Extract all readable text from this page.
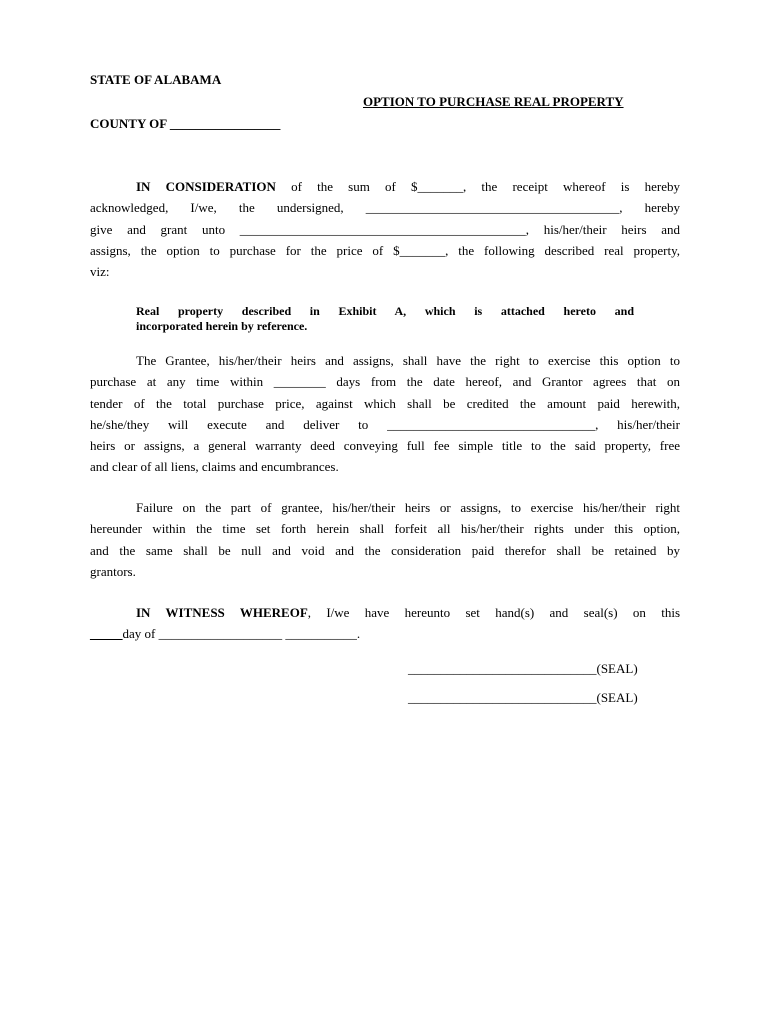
STATE OF ALABAMA
OPTION TO PURCHASE REAL PROPERTY
COUNTY OF _________________
IN CONSIDERATION of the sum of $_______, the receipt whereof is hereby
acknowledged, I/we, the undersigned, _______________________________________, hereby
give and grant unto ____________________________________________, his/her/their heirs and
assigns, the option to purchase for the price of $_______, the following described real property,
viz:
Real property described in Exhibit A, which is attached hereto and
incorporated herein by reference.
The Grantee, his/her/their heirs and assigns, shall have the right to exercise this option to
purchase at any time within ________ days from the date hereof, and Grantor agrees that on
tender of the total purchase price, against which shall be credited the amount paid herewith,
he/she/they will execute and deliver to ________________________________, his/her/their
heirs or assigns, a general warranty deed conveying full fee simple title to the said property, free
and clear of all liens, claims and encumbrances.
Failure on the part of grantee, his/her/their heirs or assigns, to exercise his/her/their right
hereunder within the time set forth herein shall forfeit all his/her/their rights under this option,
and the same shall be null and void and the consideration paid therefor shall be retained by
grantors.
IN WITNESS WHEREOF, I/we have hereunto set hand(s) and seal(s) on this
_____day of ___________________ ___________.
_____________________________(SEAL)
_____________________________(SEAL)
